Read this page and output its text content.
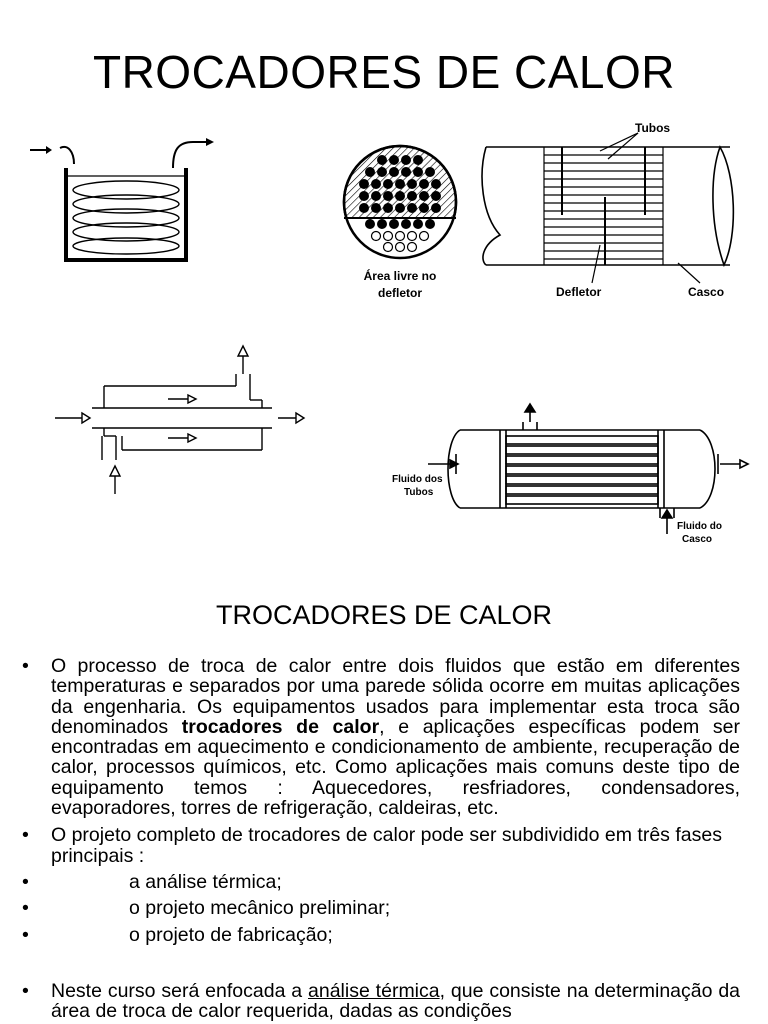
TROCADORES DE CALOR
Área livre no
defletor
Tubos
Defletor	Casco
Fluido dos
Tubos
Fluido do
Casco
TROCADORES DE CALOR
• O processo de troca de calor entre dois fluidos que estão em diferentes temperaturas e separados por uma parede sólida ocorre em muitas aplicações da engenharia. Os equipamentos usados para implementar esta troca são denominados trocadores de calor, e aplicações específicas podem ser encontradas em aquecimento e condicionamento de ambiente, recuperação de calor, processos químicos, etc. Como aplicações mais comuns deste tipo de equipamento temos : Aquecedores, resfriadores, condensadores, evaporadores, torres de refrigeração, caldeiras, etc.
• O projeto completo de trocadores de calor pode ser subdividido em três fases principais :
•	a análise térmica;
•	o projeto mecânico preliminar;
•	o projeto de fabricação;
• Neste curso será enfocada a análise térmica, que consiste na determinação da área de troca de calor requerida, dadas as condições
